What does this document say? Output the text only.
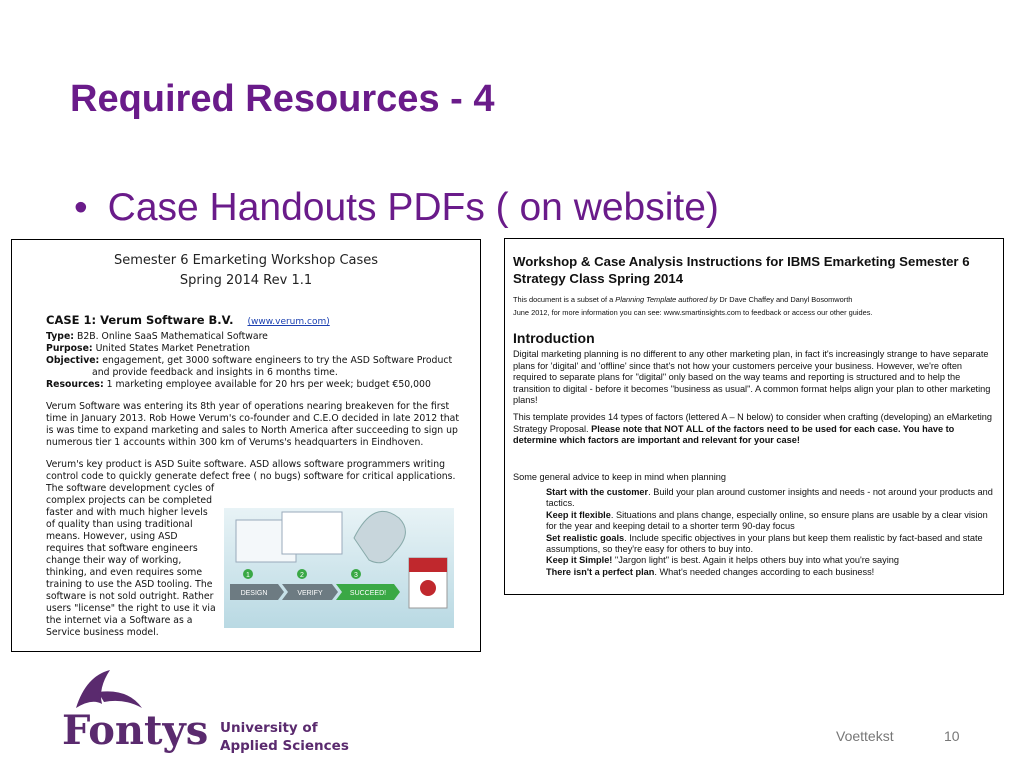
Required Resources - 4
• Case Handouts PDFs ( on website)
Semester 6 Emarketing Workshop Cases
Spring 2014 Rev 1.1
CASE 1: Verum Software B.V. (www.verum.com)
Type: B2B. Online SaaS Mathematical Software
Purpose: United States Market Penetration
Objective: engagement, get 3000 software engineers to try the ASD Software Product
and provide feedback and insights in 6 months time.
Resources: 1 marketing employee available for 20 hrs per week; budget €50,000
Verum Software was entering its 8th year of operations nearing breakeven for the first time in January 2013. Rob Howe Verum's co-founder and C.E.O decided in late 2012 that is was time to expand marketing and sales to North America after succeeding to sign up numerous tier 1 accounts within 300 km of Verums's headquarters in Eindhoven.
Verum's key product is ASD Suite software. ASD allows software programmers writing control code to quickly generate defect free ( no bugs) software for critical applications. The software development cycles of
complex projects can be completed faster and with much higher levels of quality than using traditional means. However, using ASD requires that software engineers change their way of working, thinking, and even requires some training to use the ASD tooling. The software is not sold outright. Rather users "license" the right to use it via the internet via a Software as a Service business model.
1	2	3
DESIGN	VERIFY	SUCCEED!
Workshop & Case Analysis Instructions for IBMS Emarketing Semester 6 Strategy Class Spring 2014
This document is a subset of a Planning Template authored by Dr Dave Chaffey and Danyl Bosomworth
June 2012, for more information you can see: www.smartinsights.com to feedback or access our other guides.
Introduction
Digital marketing planning is no different to any other marketing plan, in fact it's increasingly strange to have separate plans for 'digital' and 'offline' since that's not how your customers perceive your business. However, we're often required to separate plans for "digital" only based on the way teams and reporting is structured and to help the transition to digital - before it becomes "business as usual". A common format helps align your plan to other marketing plans!
This template provides 14 types of factors (lettered A – N below) to consider when crafting (developing) an eMarketing Strategy Proposal. Please note that NOT ALL of the factors need to be used for each case. You have to determine which factors are important and relevant for your case!
Some general advice to keep in mind when planning
Start with the customer. Build your plan around customer insights and needs - not around your products and tactics.
Keep it flexible. Situations and plans change, especially online, so ensure plans are usable by a clear vision for the year and keeping detail to a shorter term 90-day focus
Set realistic goals. Include specific objectives in your plans but keep them realistic by fact-based and state assumptions, so they're easy for others to buy into.
Keep it Simple! "Jargon light" is best. Again it helps others buy into what you're saying
There isn't a perfect plan. What's needed changes according to each business!
Fontys University of
Applied Sciences
Voettekst	10
